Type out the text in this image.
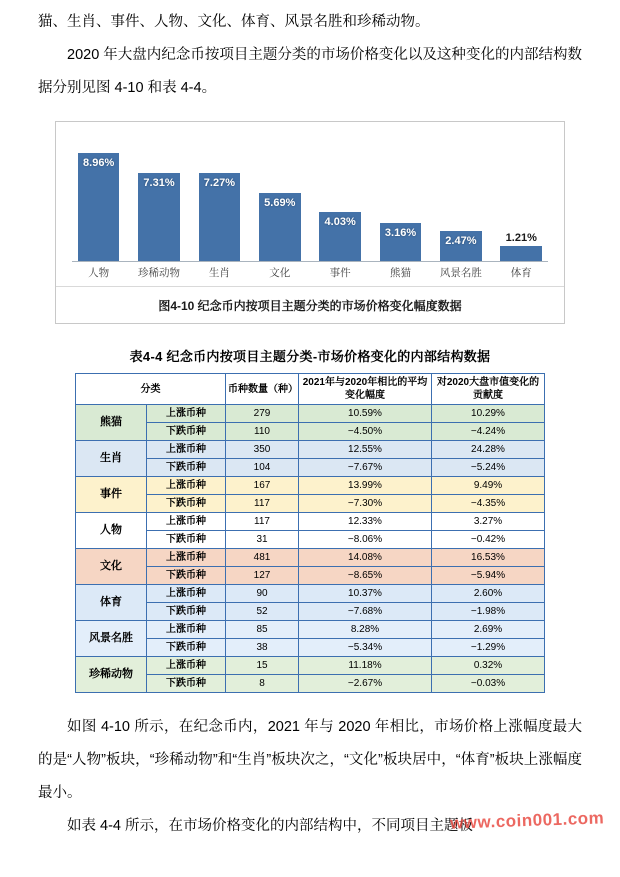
猫、生肖、事件、人物、文化、体育、风景名胜和珍稀动物。

2020 年大盘内纪念币按项目主题分类的市场价格变化以及这种变化的内部结构数据分别见图 4-10 和表 4-4。

8.96%
7.31%	7.27%
5.69%
4.03%
3.16%
2.47%	1.21%
人物	珍稀动物	生肖	文化	事件	熊猫	风景名胜	体育
图4-10 纪念币内按项目主题分类的市场价格变化幅度数据
表4-4 纪念币内按项目主题分类-市场价格变化的内部结构数据
分类		币种数量（种）	2021年与2020年相比的平均变化幅度	对2020大盘市值变化的贡献度
熊猫	上涨币种	279	10.59%	10.29%
	下跌币种	110	−4.50%	−4.24%
生肖	上涨币种	350	12.55%	24.28%
	下跌币种	104	−7.67%	−5.24%
事件	上涨币种	167	13.99%	9.49%
	下跌币种	117	−7.30%	−4.35%
人物	上涨币种	117	12.33%	3.27%
	下跌币种	31	−8.06%	−0.42%
文化	上涨币种	481	14.08%	16.53%
	下跌币种	127	−8.65%	−5.94%
体育	上涨币种	90	10.37%	2.60%
	下跌币种	52	−7.68%	−1.98%
风景名胜	上涨币种	85	8.28%	2.69%
	下跌币种	38	−5.34%	−1.29%
珍稀动物	上涨币种	15	11.18%	0.32%
	下跌币种	8	−2.67%	−0.03%

如图 4-10 所示，在纪念币内，2021 年与 2020 年相比，市场价格上涨幅度最大的是“人物”板块，“珍稀动物”和“生肖”板块次之，“文化”板块居中，“体育”板块上涨幅度最小。

如表 4-4 所示，在市场价格变化的内部结构中，不同项目主题板

www.coin001.com
